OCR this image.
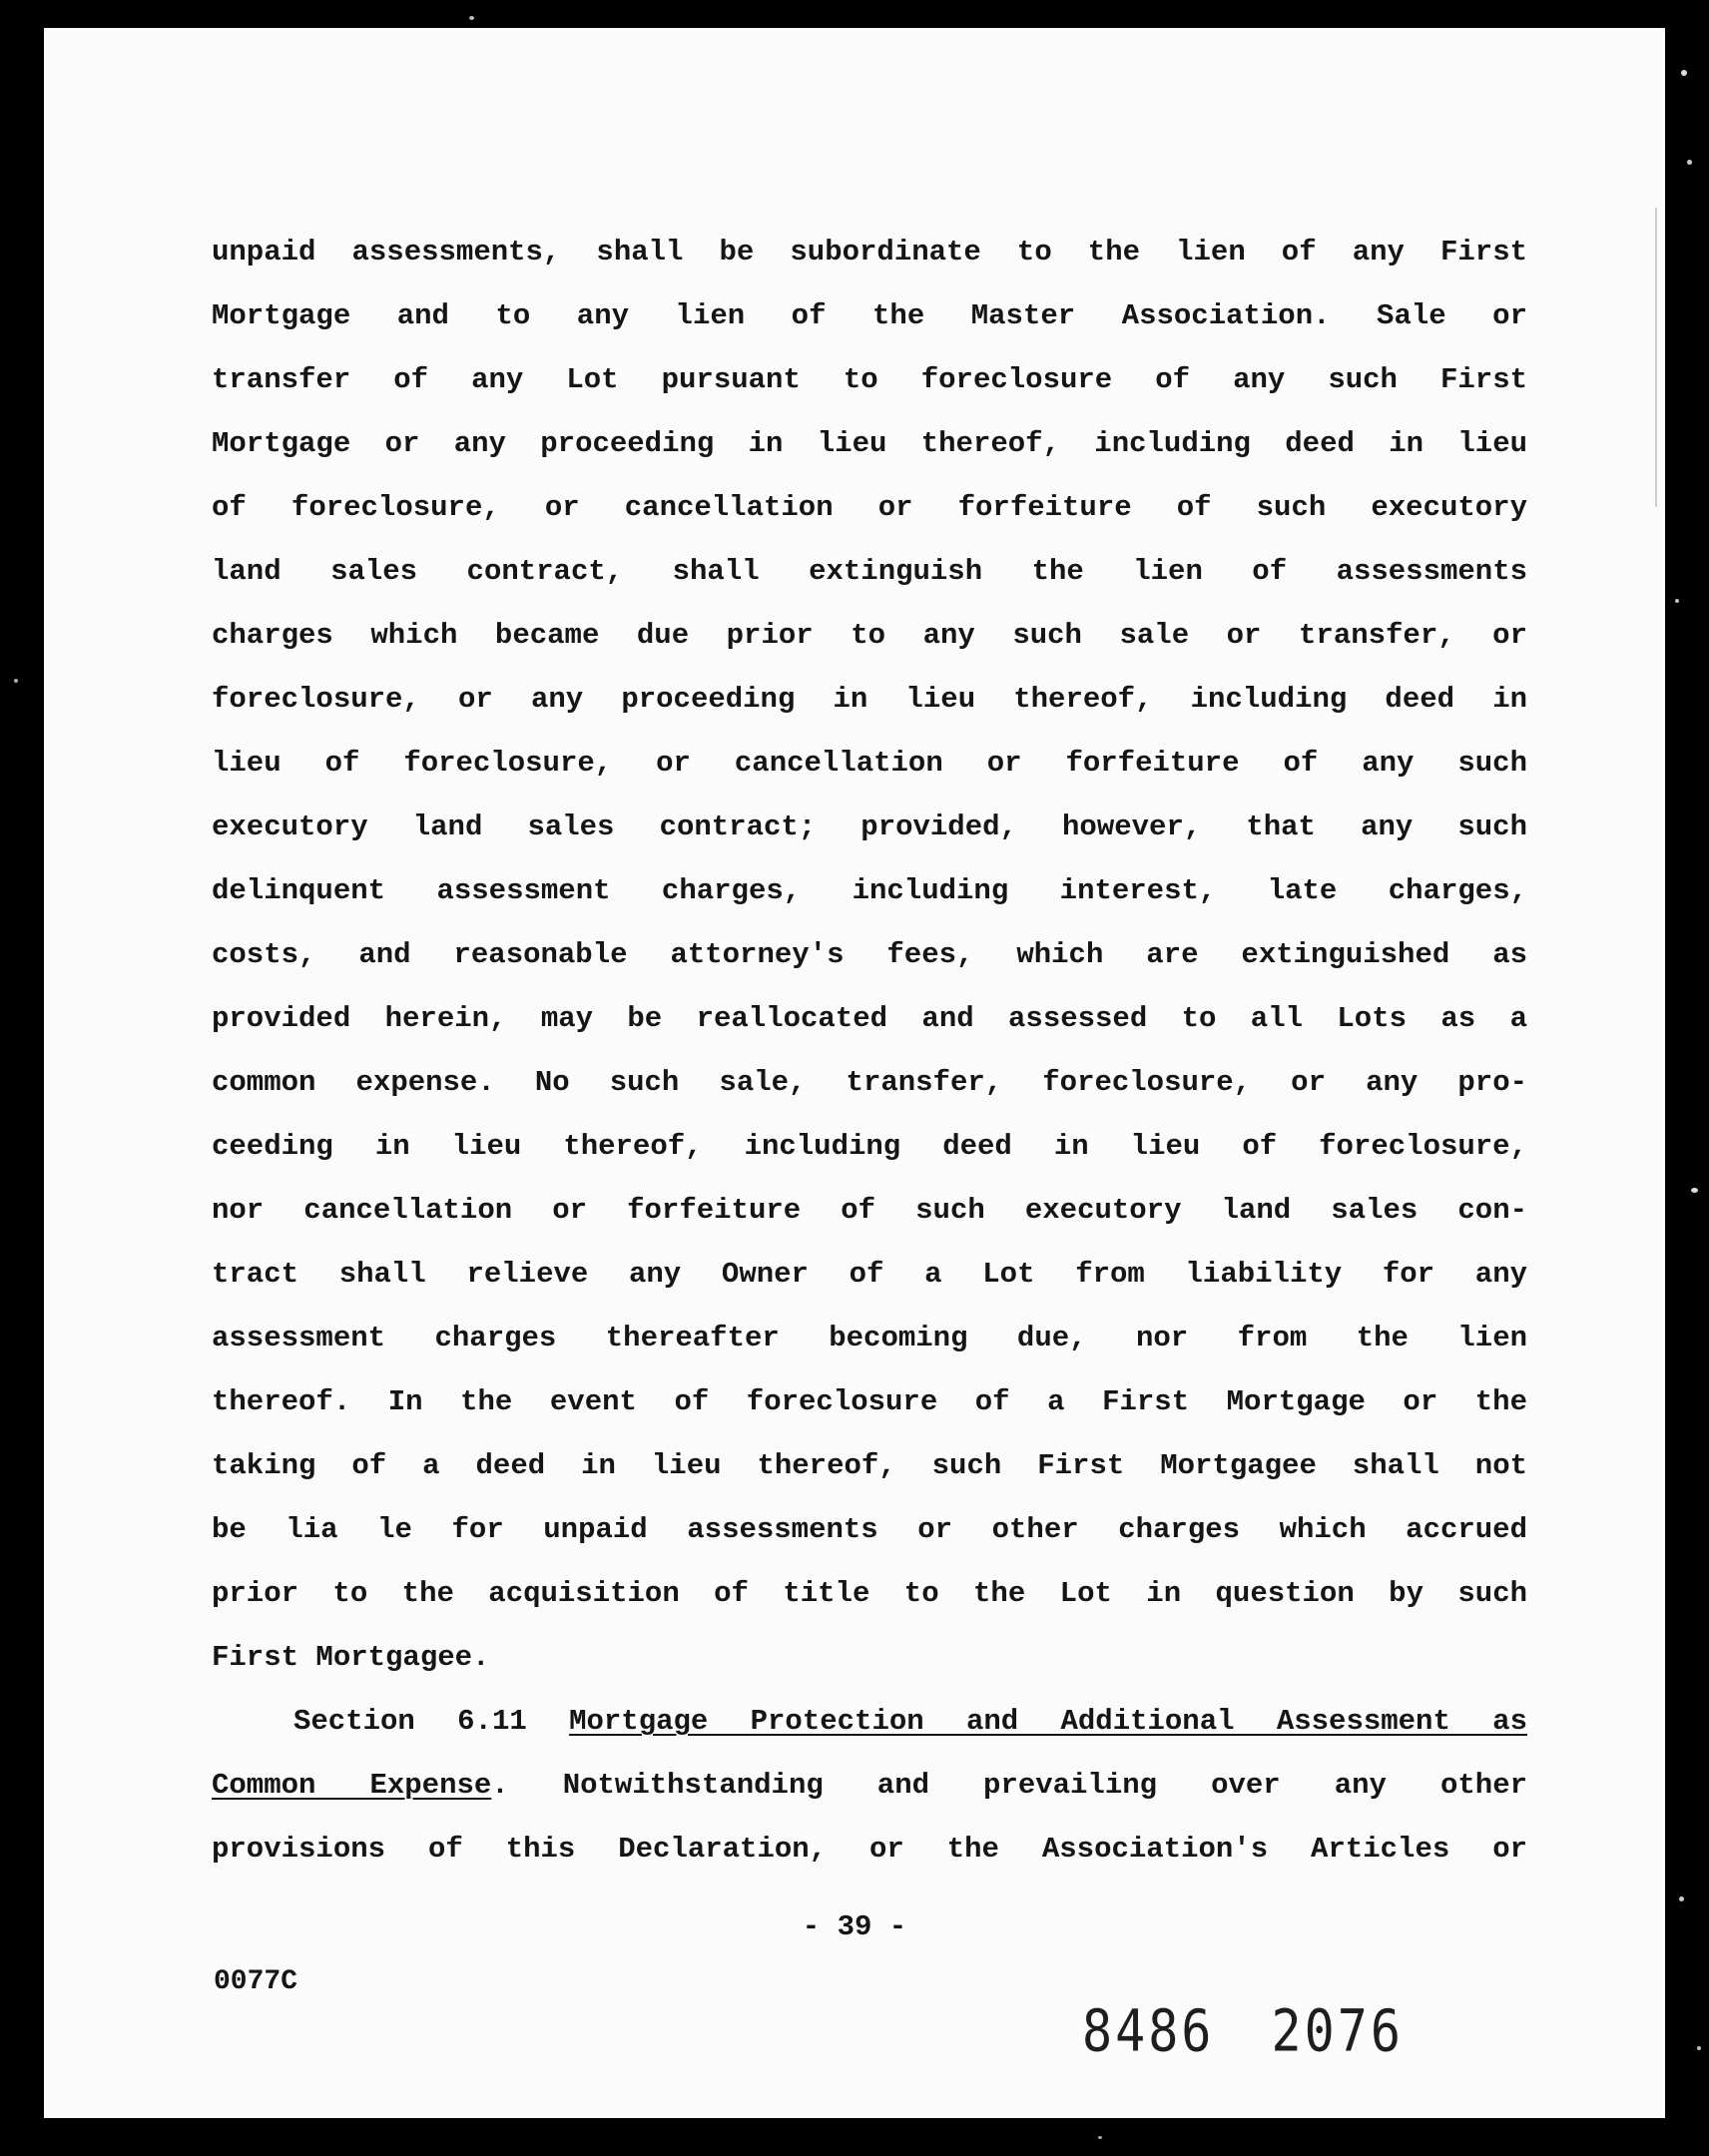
unpaid assessments, shall be subordinate to the lien of any First
Mortgage and to any lien of the Master Association. Sale or
transfer of any Lot pursuant to foreclosure of any such First
Mortgage or any proceeding in lieu thereof, including deed in lieu
of foreclosure, or cancellation or forfeiture of such executory
land sales contract, shall extinguish the lien of assessments
charges which became due prior to any such sale or transfer, or
foreclosure, or any proceeding in lieu thereof, including deed in
lieu of foreclosure, or cancellation or forfeiture of any such
executory land sales contract; provided, however, that any such
delinquent assessment charges, including interest, late charges,
costs, and reasonable attorney's fees, which are extinguished as
provided herein, may be reallocated and assessed to all Lots as a
common expense. No such sale, transfer, foreclosure, or any pro-
ceeding in lieu thereof, including deed in lieu of foreclosure,
nor cancellation or forfeiture of such executory land sales con-
tract shall relieve any Owner of a Lot from liability for any
assessment charges thereafter becoming due, nor from the lien
thereof. In the event of foreclosure of a First Mortgage or the
taking of a deed in lieu thereof, such First Mortgagee shall not
be lia le for unpaid assessments or other charges which accrued
prior to the acquisition of title to the Lot in question by such
First Mortgagee.
Section 6.11 Mortgage Protection and Additional Assessment as
Common Expense. Notwithstanding and prevailing over any other
provisions of this Declaration, or the Association's Articles or
- 39 -
0077C
8486 2076
